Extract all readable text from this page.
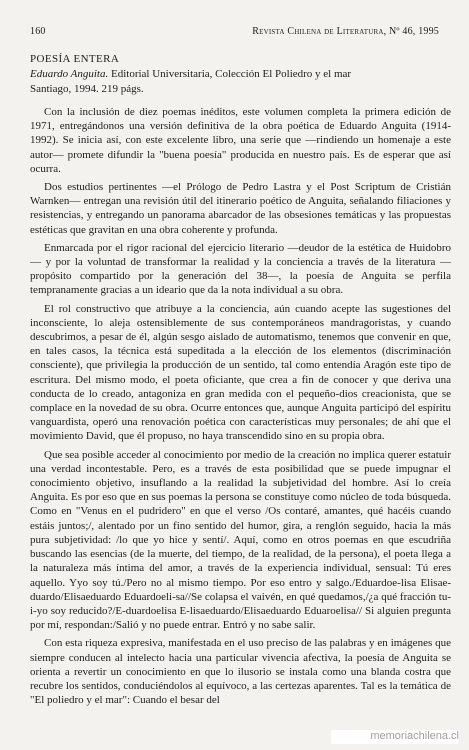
160	Revista Chilena de Literatura, Nº 46, 1995
POESÍA ENTERA
Eduardo Anguita. Editorial Universitaria, Colección El Poliedro y el mar
Santiago, 1994. 219 págs.

Con la inclusión de diez poemas inéditos, este volumen completa la primera edición de 1971, entregándonos una versión definitiva de la obra poética de Eduardo Anguita (1914-1992). Se inicia así, con este excelente libro, una serie que —rindiendo un homenaje a este autor— promete difundir la "buena poesía" producida en nuestro país. Es de esperar que así ocurra.

Dos estudios pertinentes —el Prólogo de Pedro Lastra y el Post Scriptum de Cristián Warnken— entregan una revisión útil del itinerario poético de Anguita, señalando filiaciones y resistencias, y entregando un panorama abarcador de las obsesiones temáticas y las propuestas estéticas que gravitan en una obra coherente y profunda.

Enmarcada por el rigor racional del ejercicio literario —deudor de la estética de Huidobro— y por la voluntad de transformar la realidad y la conciencia a través de la literatura —propósito compartido por la generación del 38—, la poesía de Anguita se perfila tempranamente gracias a un ideario que da la nota individual a su obra.

El rol constructivo que atribuye a la conciencia, aún cuando acepte las sugestiones del inconsciente, lo aleja ostensiblemente de sus contemporáneos mandragoristas, y cuando descubrimos, a pesar de él, algún sesgo aislado de automatismo, tenemos que convenir en que, en tales casos, la técnica está supeditada a la elección de los elementos (discriminación consciente), que privilegia la producción de un sentido, tal como entendía Aragón este tipo de escritura. Del mismo modo, el poeta oficiante, que crea a fin de conocer y que deriva una conducta de lo creado, antagoniza en gran medida con el pequeño-dios creacionista, que se complace en la novedad de su obra. Ocurre entonces que, aunque Anguita participó del espíritu vanguardista, operó una renovación poética con características muy personales; de ahí que el movimiento David, que él propuso, no haya transcendido sino en su propia obra.

Que sea posible acceder al conocimiento por medio de la creación no implica querer estatuir una verdad incontestable. Pero, es a través de esta posibilidad que se puede impugnar el conocimiento objetivo, insuflando a la realidad la subjetividad del hombre. Así lo creía Anguita. Es por eso que en sus poemas la persona se constituye como núcleo de toda búsqueda. Como en "Venus en el pudridero" en que el verso /Os contaré, amantes, qué hacéis cuando estáis juntos;/, alentado por un fino sentido del humor, gira, a renglón seguido, hacia la más pura subjetividad: /lo que yo hice y sentí/. Aquí, como en otros poemas en que escudriña buscando las esencias (de la muerte, del tiempo, de la realidad, de la persona), el poeta llega a la naturaleza más íntima del amor, a través de la experiencia individual, sensual: Tú eres aquello. Yyo soy tú./Pero no al mismo tiempo. Por eso entro y salgo./Eduardoe-lisa Elisae-duardo/Elisaeduardo Eduardoeli-sa//Se colapsa el vaivén, en qué quedamos,/¿a qué fracción tu-i-yo soy reducido?/E-duardoelisa E-lisaeduardo/Elisaeduardo Eduaroelisa// Si alguien pregunta por mí, respondan:/Salió y no puede entrar. Entró y no sabe salir.

Con esta riqueza expresiva, manifestada en el uso preciso de las palabras y en imágenes que siempre conducen al intelecto hacia una particular vivencia afectiva, la poesía de Anguita se orienta a revertir un conocimiento en que lo ilusorio se instala como una blanda costra que recubre los sentidos, conduciéndolos al equívoco, a las certezas aparentes. Tal es la temática de "El poliedro y el mar": Cuando el besar del

memoriachilena.cl
